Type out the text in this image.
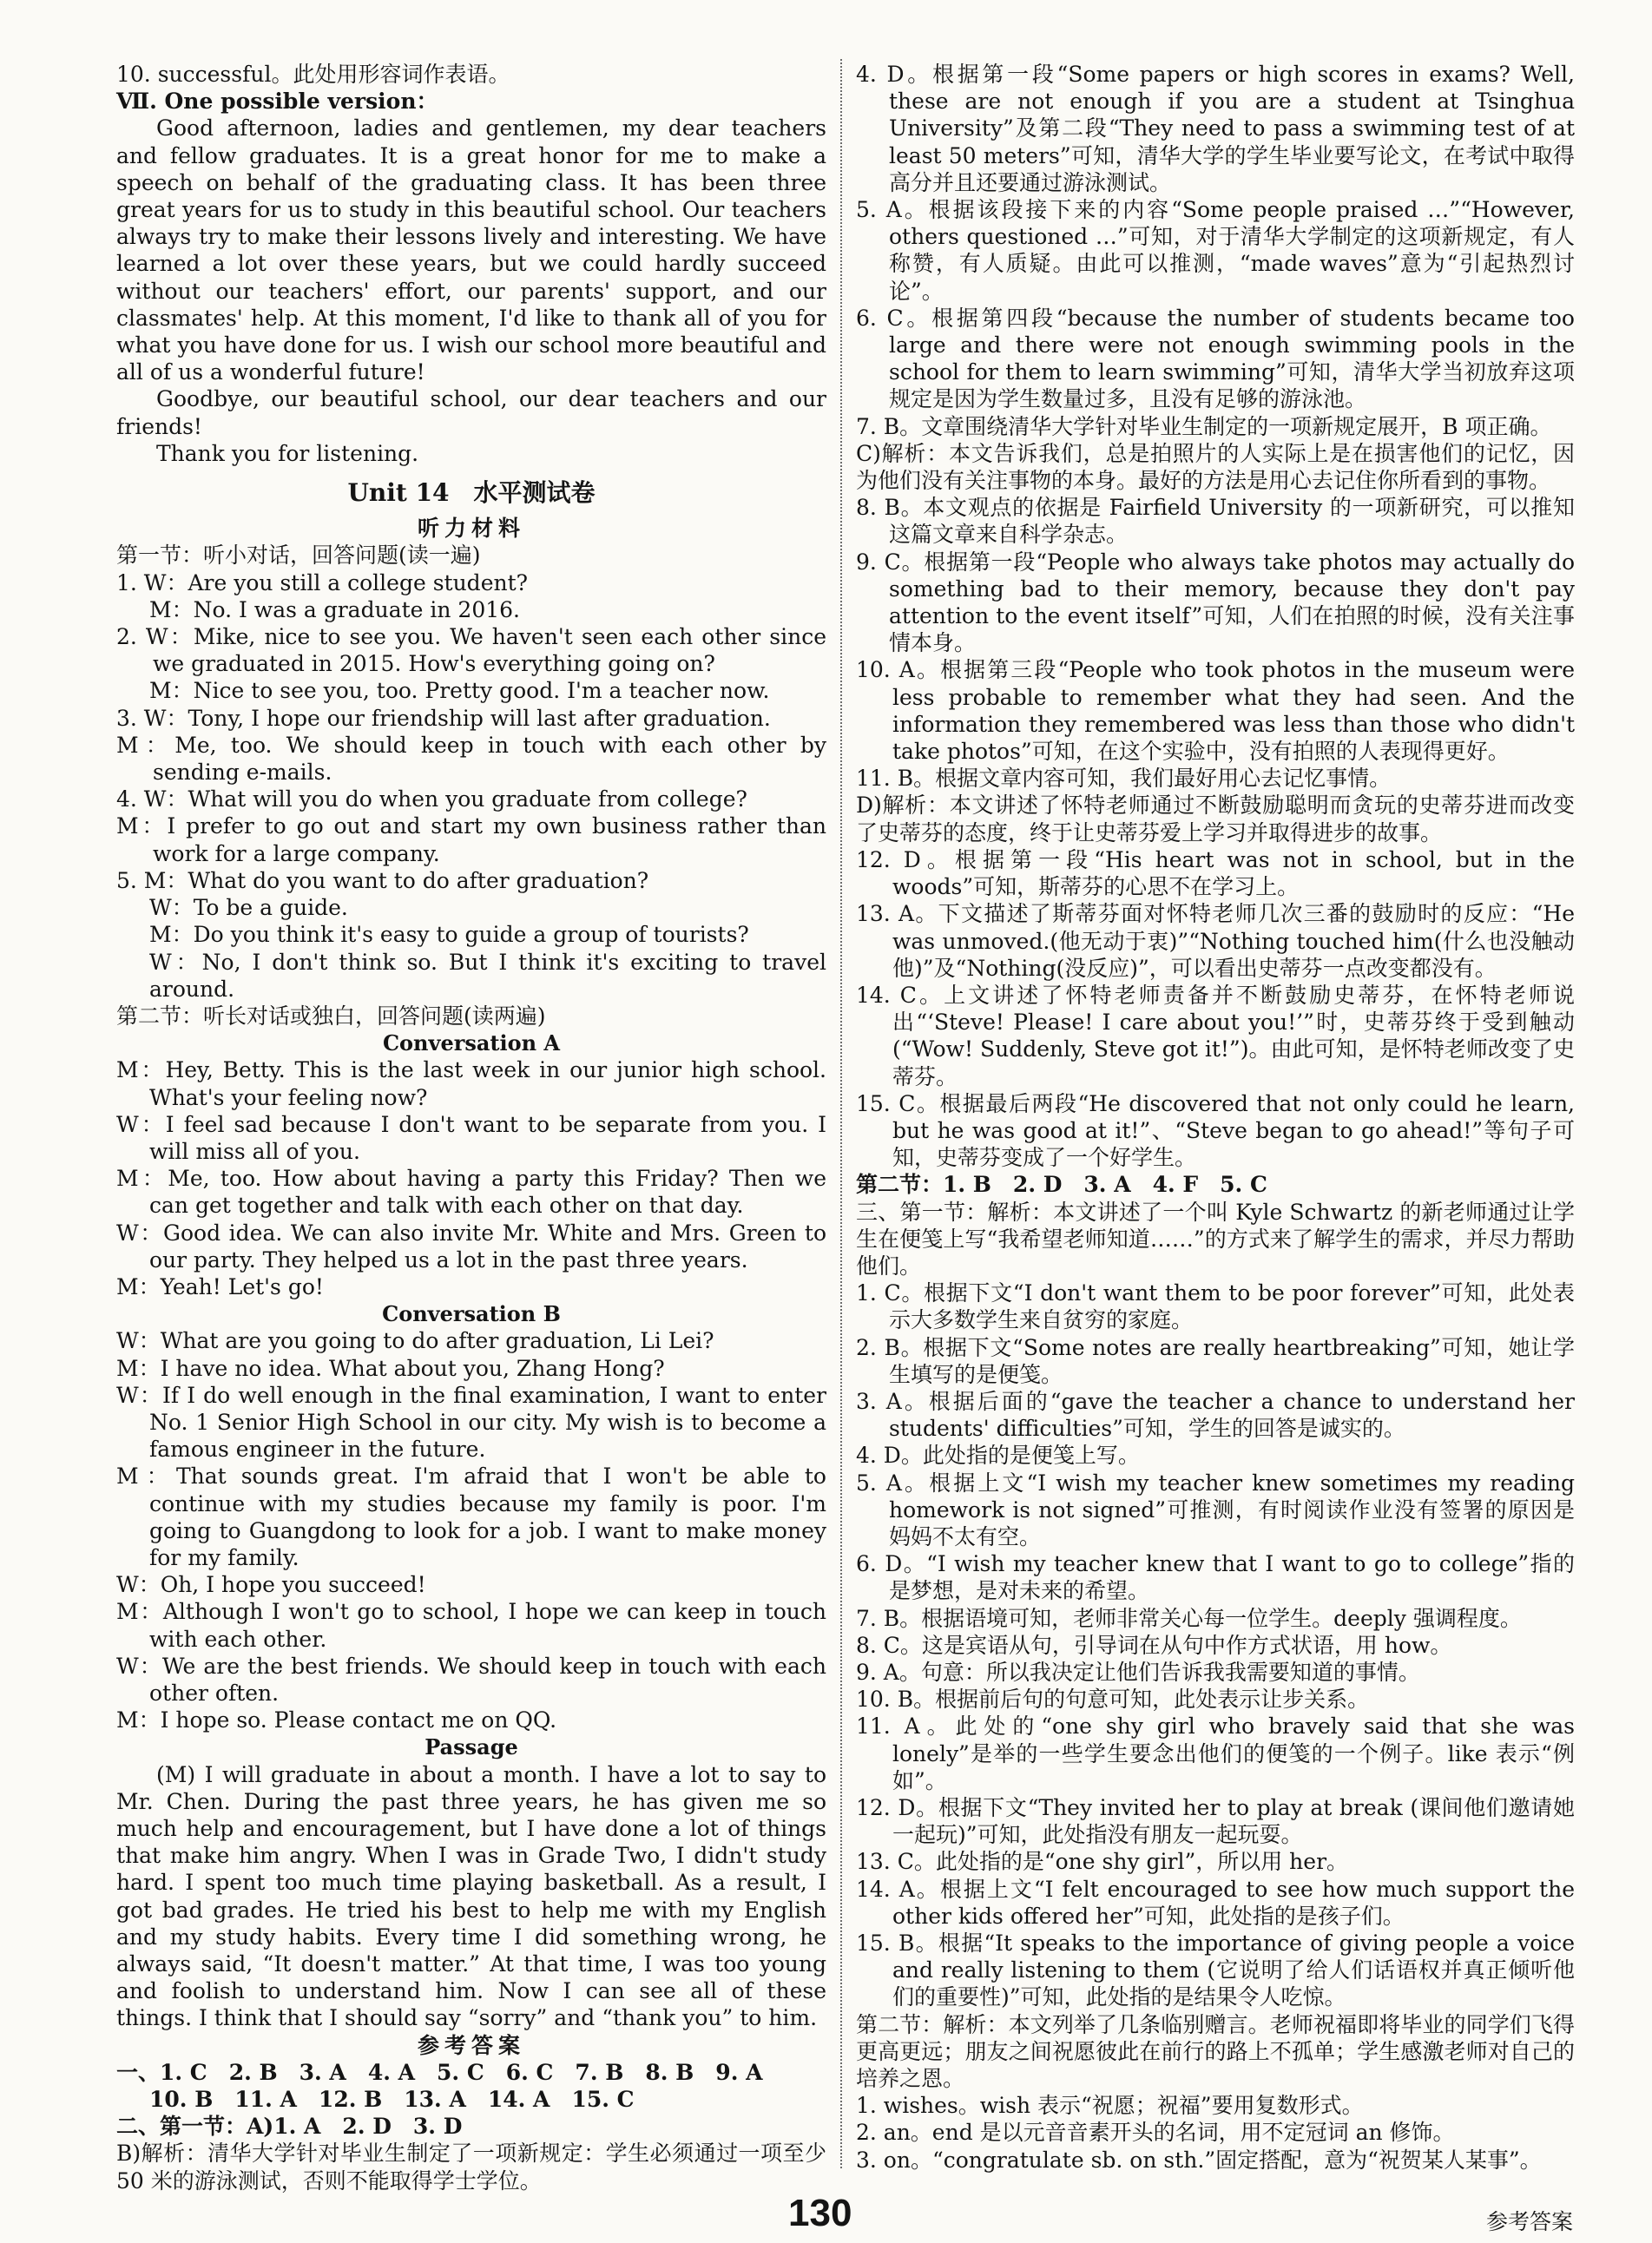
10. successful。此处用形容词作表语。

Ⅶ. One possible version：

Good afternoon, ladies and gentlemen, my dear teachers and fellow graduates. It is a great honor for me to make a speech on behalf of the graduating class. It has been three great years for us to study in this beautiful school. Our teachers always try to make their lessons lively and interesting. We have learned a lot over these years, but we could hardly succeed without our teachers' effort, our parents' support, and our classmates' help. At this moment, I'd like to thank all of you for what you have done for us. I wish our school more beautiful and all of us a wonderful future!

Goodbye, our beautiful school, our dear teachers and our friends!

Thank you for listening.

Unit 14　水平测试卷

听力材料

第一节：听小对话，回答问题(读一遍)

1. W：Are you still a college student?

M：No. I was a graduate in 2016.

2. W：Mike, nice to see you. We haven't seen each other since we graduated in 2015. How's everything going on?

M：Nice to see you, too. Pretty good. I'm a teacher now.

3. W：Tony, I hope our friendship will last after graduation.

M：Me, too. We should keep in touch with each other by sending e-mails.

4. W：What will you do when you graduate from college?

M：I prefer to go out and start my own business rather than work for a large company.

5. M：What do you want to do after graduation?

W：To be a guide.

M：Do you think it's easy to guide a group of tourists?

W：No, I don't think so. But I think it's exciting to travel around.

第二节：听长对话或独白，回答问题(读两遍)

Conversation A

M：Hey, Betty. This is the last week in our junior high school. What's your feeling now?

W：I feel sad because I don't want to be separate from you. I will miss all of you.

M：Me, too. How about having a party this Friday? Then we can get together and talk with each other on that day.

W：Good idea. We can also invite Mr. White and Mrs. Green to our party. They helped us a lot in the past three years.

M：Yeah! Let's go!

Conversation B

W：What are you going to do after graduation, Li Lei?

M：I have no idea. What about you, Zhang Hong?

W：If I do well enough in the final examination, I want to enter No. 1 Senior High School in our city. My wish is to become a famous engineer in the future.

M：That sounds great. I'm afraid that I won't be able to continue with my studies because my family is poor. I'm going to Guangdong to look for a job. I want to make money for my family.

W：Oh, I hope you succeed!

M：Although I won't go to school, I hope we can keep in touch with each other.

W：We are the best friends. We should keep in touch with each other often.

M：I hope so. Please contact me on QQ.

Passage

(M) I will graduate in about a month. I have a lot to say to Mr. Chen. During the past three years, he has given me so much help and encouragement, but I have done a lot of things that make him angry. When I was in Grade Two, I didn't study hard. I spent too much time playing basketball. As a result, I got bad grades. He tried his best to help me with my English and my study habits. Every time I did something wrong, he always said, “It doesn't matter.” At that time, I was too young and foolish to understand him. Now I can see all of these things. I think that I should say “sorry” and “thank you” to him.

参考答案

一、1. C　2. B　3. A　4. A　5. C　6. C　7. B　8. B　9. A

10. B　11. A　12. B　13. A　14. A　15. C

二、第一节：A)1. A　2. D　3. D

B)解析：清华大学针对毕业生制定了一项新规定：学生必须通过一项至少 50 米的游泳测试，否则不能取得学士学位。

4. D。根据第一段“Some papers or high scores in exams? Well, these are not enough if you are a student at Tsinghua University”及第二段“They need to pass a swimming test of at least 50 meters”可知，清华大学的学生毕业要写论文，在考试中取得高分并且还要通过游泳测试。

5. A。根据该段接下来的内容“Some people praised …”“However, others questioned …”可知，对于清华大学制定的这项新规定，有人称赞，有人质疑。由此可以推测，“made waves”意为“引起热烈讨论”。

6. C。根据第四段“because the number of students became too large and there were not enough swimming pools in the school for them to learn swimming”可知，清华大学当初放弃这项规定是因为学生数量过多，且没有足够的游泳池。

7. B。文章围绕清华大学针对毕业生制定的一项新规定展开，B 项正确。

C)解析：本文告诉我们，总是拍照片的人实际上是在损害他们的记忆，因为他们没有关注事物的本身。最好的方法是用心去记住你所看到的事物。

8. B。本文观点的依据是 Fairfield University 的一项新研究，可以推知这篇文章来自科学杂志。

9. C。根据第一段“People who always take photos may actually do something bad to their memory, because they don't pay attention to the event itself”可知，人们在拍照的时候，没有关注事情本身。

10. A。根据第三段“People who took photos in the museum were less probable to remember what they had seen. And the information they remembered was less than those who didn't take photos”可知，在这个实验中，没有拍照的人表现得更好。

11. B。根据文章内容可知，我们最好用心去记忆事情。

D)解析：本文讲述了怀特老师通过不断鼓励聪明而贪玩的史蒂芬进而改变了史蒂芬的态度，终于让史蒂芬爱上学习并取得进步的故事。

12. D。根据第一段“His heart was not in school, but in the woods”可知，斯蒂芬的心思不在学习上。

13. A。下文描述了斯蒂芬面对怀特老师几次三番的鼓励时的反应：“He was unmoved.(他无动于衷)”“Nothing touched him(什么也没触动他)”及“Nothing(没反应)”，可以看出史蒂芬一点改变都没有。

14. C。上文讲述了怀特老师责备并不断鼓励史蒂芬，在怀特老师说出“‘Steve! Please! I care about you!’”时，史蒂芬终于受到触动(“Wow! Suddenly, Steve got it!”)。由此可知，是怀特老师改变了史蒂芬。

15. C。根据最后两段“He discovered that not only could he learn, but he was good at it!”、“Steve began to go ahead!”等句子可知，史蒂芬变成了一个好学生。

第二节：1. B　2. D　3. A　4. F　5. C

三、第一节：解析：本文讲述了一个叫 Kyle Schwartz 的新老师通过让学生在便笺上写“我希望老师知道……”的方式来了解学生的需求，并尽力帮助他们。

1. C。根据下文“I don't want them to be poor forever”可知，此处表示大多数学生来自贫穷的家庭。

2. B。根据下文“Some notes are really heartbreaking”可知，她让学生填写的是便笺。

3. A。根据后面的“gave the teacher a chance to understand her students' difficulties”可知，学生的回答是诚实的。

4. D。此处指的是便笺上写。

5. A。根据上文“I wish my teacher knew sometimes my reading homework is not signed”可推测，有时阅读作业没有签署的原因是妈妈不太有空。

6. D。“I wish my teacher knew that I want to go to college”指的是梦想，是对未来的希望。

7. B。根据语境可知，老师非常关心每一位学生。deeply 强调程度。

8. C。这是宾语从句，引导词在从句中作方式状语，用 how。

9. A。句意：所以我决定让他们告诉我我需要知道的事情。

10. B。根据前后句的句意可知，此处表示让步关系。

11. A。此处的“one shy girl who bravely said that she was lonely”是举的一些学生要念出他们的便笺的一个例子。like 表示“例如”。

12. D。根据下文“They invited her to play at break (课间他们邀请她一起玩)”可知，此处指没有朋友一起玩耍。

13. C。此处指的是“one shy girl”，所以用 her。

14. A。根据上文“I felt encouraged to see how much support the other kids offered her”可知，此处指的是孩子们。

15. B。根据“It speaks to the importance of giving people a voice and really listening to them (它说明了给人们话语权并真正倾听他们的重要性)”可知，此处指的是结果令人吃惊。

第二节：解析：本文列举了几条临别赠言。老师祝福即将毕业的同学们飞得更高更远；朋友之间祝愿彼此在前行的路上不孤单；学生感激老师对自己的培养之恩。

1. wishes。wish 表示“祝愿；祝福”要用复数形式。

2. an。end 是以元音音素开头的名词，用不定冠词 an 修饰。

3. on。“congratulate sb. on sth.”固定搭配，意为“祝贺某人某事”。

130	参考答案
